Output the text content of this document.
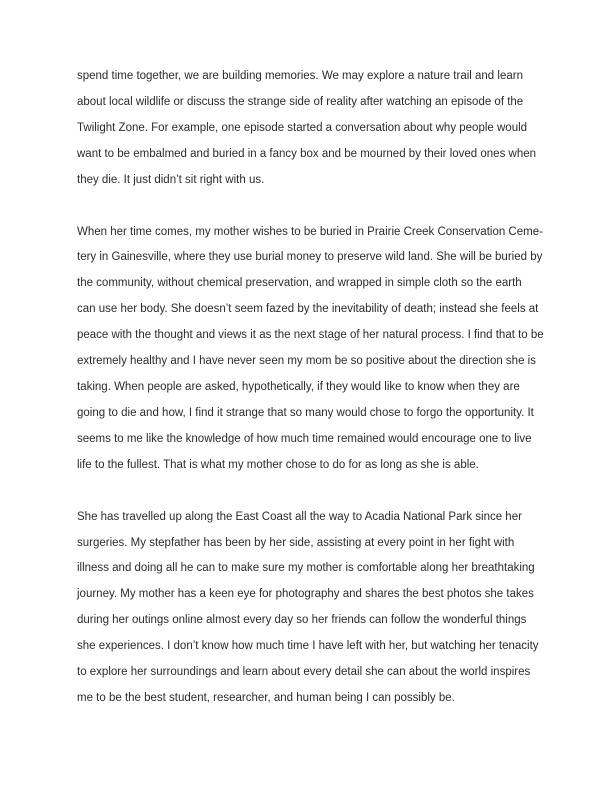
spend time together, we are building memories. We may explore a nature trail and learn
about local wildlife or discuss the strange side of reality after watching an episode of the
Twilight Zone. For example, one episode started a conversation about why people would
want to be embalmed and buried in a fancy box and be mourned by their loved ones when
they die. It just didn’t sit right with us.
When her time comes, my mother wishes to be buried in Prairie Creek Conservation Ceme-
tery in Gainesville, where they use burial money to preserve wild land. She will be buried by
the community, without chemical preservation, and wrapped in simple cloth so the earth
can use her body. She doesn’t seem fazed by the inevitability of death; instead she feels at
peace with the thought and views it as the next stage of her natural process. I find that to be
extremely healthy and I have never seen my mom be so positive about the direction she is
taking. When people are asked, hypothetically, if they would like to know when they are
going to die and how, I find it strange that so many would chose to forgo the opportunity. It
seems to me like the knowledge of how much time remained would encourage one to live
life to the fullest. That is what my mother chose to do for as long as she is able.
She has travelled up along the East Coast all the way to Acadia National Park since her
surgeries. My stepfather has been by her side, assisting at every point in her fight with
illness and doing all he can to make sure my mother is comfortable along her breathtaking
journey. My mother has a keen eye for photography and shares the best photos she takes
during her outings online almost every day so her friends can follow the wonderful things
she experiences. I don’t know how much time I have left with her, but watching her tenacity
to explore her surroundings and learn about every detail she can about the world inspires
me to be the best student, researcher, and human being I can possibly be.
